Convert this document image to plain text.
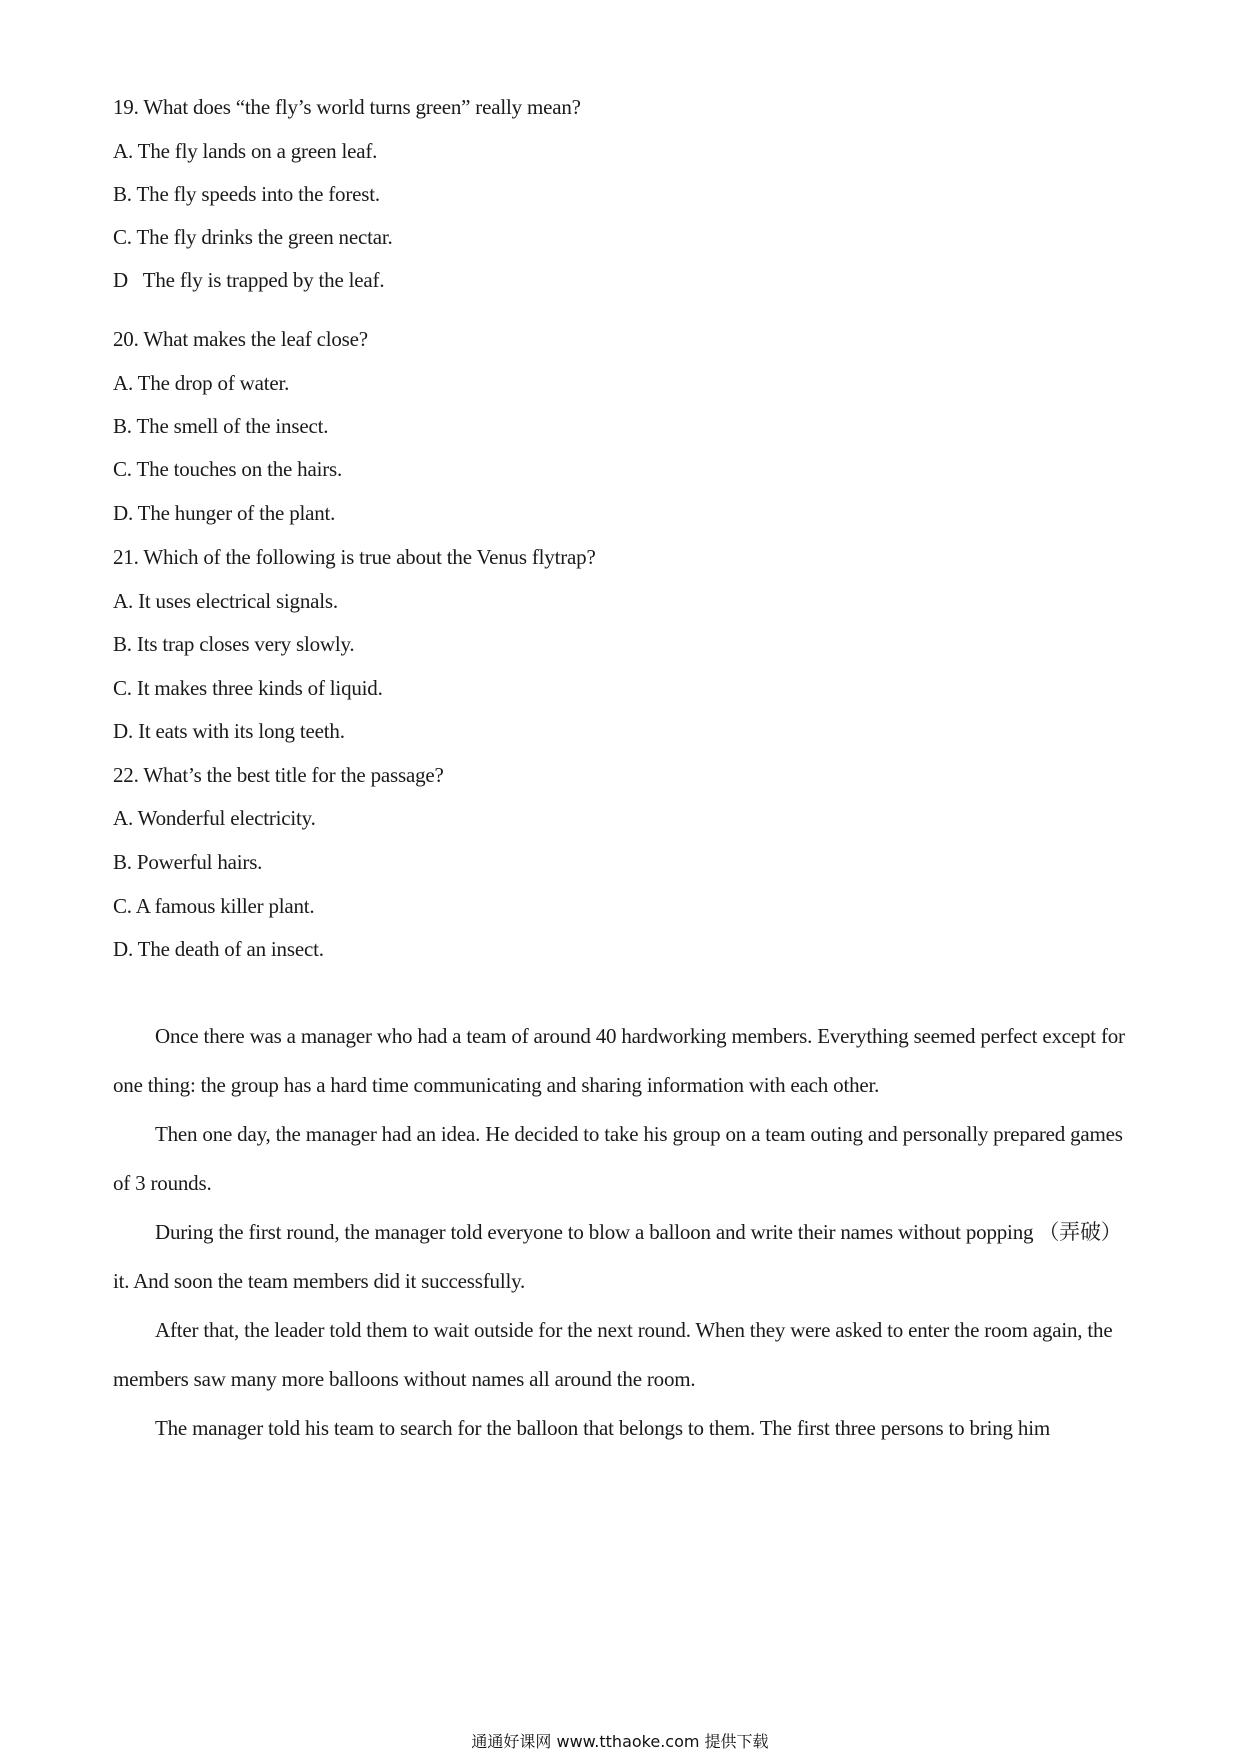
19. What does “the fly’s world turns green” really mean?
A. The fly lands on a green leaf.
B. The fly speeds into the forest.
C. The fly drinks the green nectar.
D   The fly is trapped by the leaf.
20. What makes the leaf close?
A. The drop of water.
B. The smell of the insect.
C. The touches on the hairs.
D. The hunger of the plant.
21. Which of the following is true about the Venus flytrap?
A. It uses electrical signals.
B. Its trap closes very slowly.
C. It makes three kinds of liquid.
D. It eats with its long teeth.
22. What’s the best title for the passage?
A. Wonderful electricity.
B. Powerful hairs.
C. A famous killer plant.
D. The death of an insect.

Once there was a manager who had a team of around 40 hardworking members. Everything seemed perfect except for one thing: the group has a hard time communicating and sharing information with each other.

Then one day, the manager had an idea. He decided to take his group on a team outing and personally prepared games of 3 rounds.

During the first round, the manager told everyone to blow a balloon and write their names without popping （弄破） it. And soon the team members did it successfully.

After that, the leader told them to wait outside for the next round. When they were asked to enter the room again, the members saw many more balloons without names all around the room.

The manager told his team to search for the balloon that belongs to them. The first three persons to bring him

通通好课网 www.tthaoke.com 提供下载
